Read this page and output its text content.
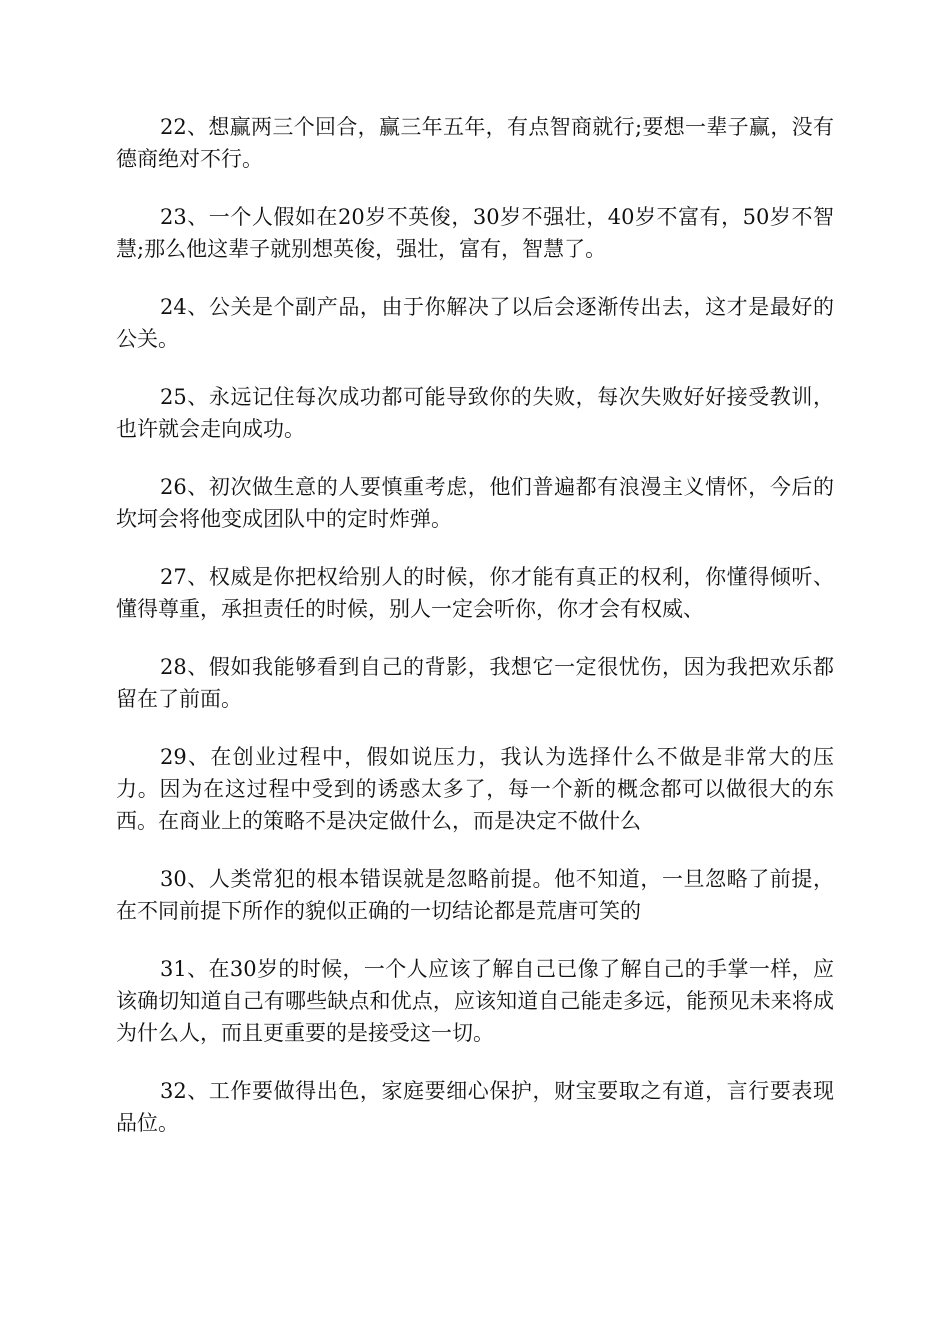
22、想赢两三个回合，赢三年五年，有点智商就行;要想一辈子赢，没有德商绝对不行。

23、一个人假如在20岁不英俊，30岁不强壮，40岁不富有，50岁不智慧;那么他这辈子就别想英俊，强壮，富有，智慧了。

24、公关是个副产品，由于你解决了以后会逐渐传出去，这才是最好的公关。

25、永远记住每次成功都可能导致你的失败，每次失败好好接受教训，也许就会走向成功。

26、初次做生意的人要慎重考虑，他们普遍都有浪漫主义情怀，今后的坎坷会将他变成团队中的定时炸弹。

27、权威是你把权给别人的时候，你才能有真正的权利，你懂得倾听、懂得尊重，承担责任的时候，别人一定会听你，你才会有权威、

28、假如我能够看到自己的背影，我想它一定很忧伤，因为我把欢乐都留在了前面。

29、在创业过程中，假如说压力，我认为选择什么不做是非常大的压力。因为在这过程中受到的诱惑太多了，每一个新的概念都可以做很大的东西。在商业上的策略不是决定做什么，而是决定不做什么

30、人类常犯的根本错误就是忽略前提。他不知道，一旦忽略了前提，在不同前提下所作的貌似正确的一切结论都是荒唐可笑的

31、在30岁的时候，一个人应该了解自己已像了解自己的手掌一样，应该确切知道自己有哪些缺点和优点，应该知道自己能走多远，能预见未来将成为什么人，而且更重要的是接受这一切。

32、工作要做得出色，家庭要细心保护，财宝要取之有道，言行要表现品位。
